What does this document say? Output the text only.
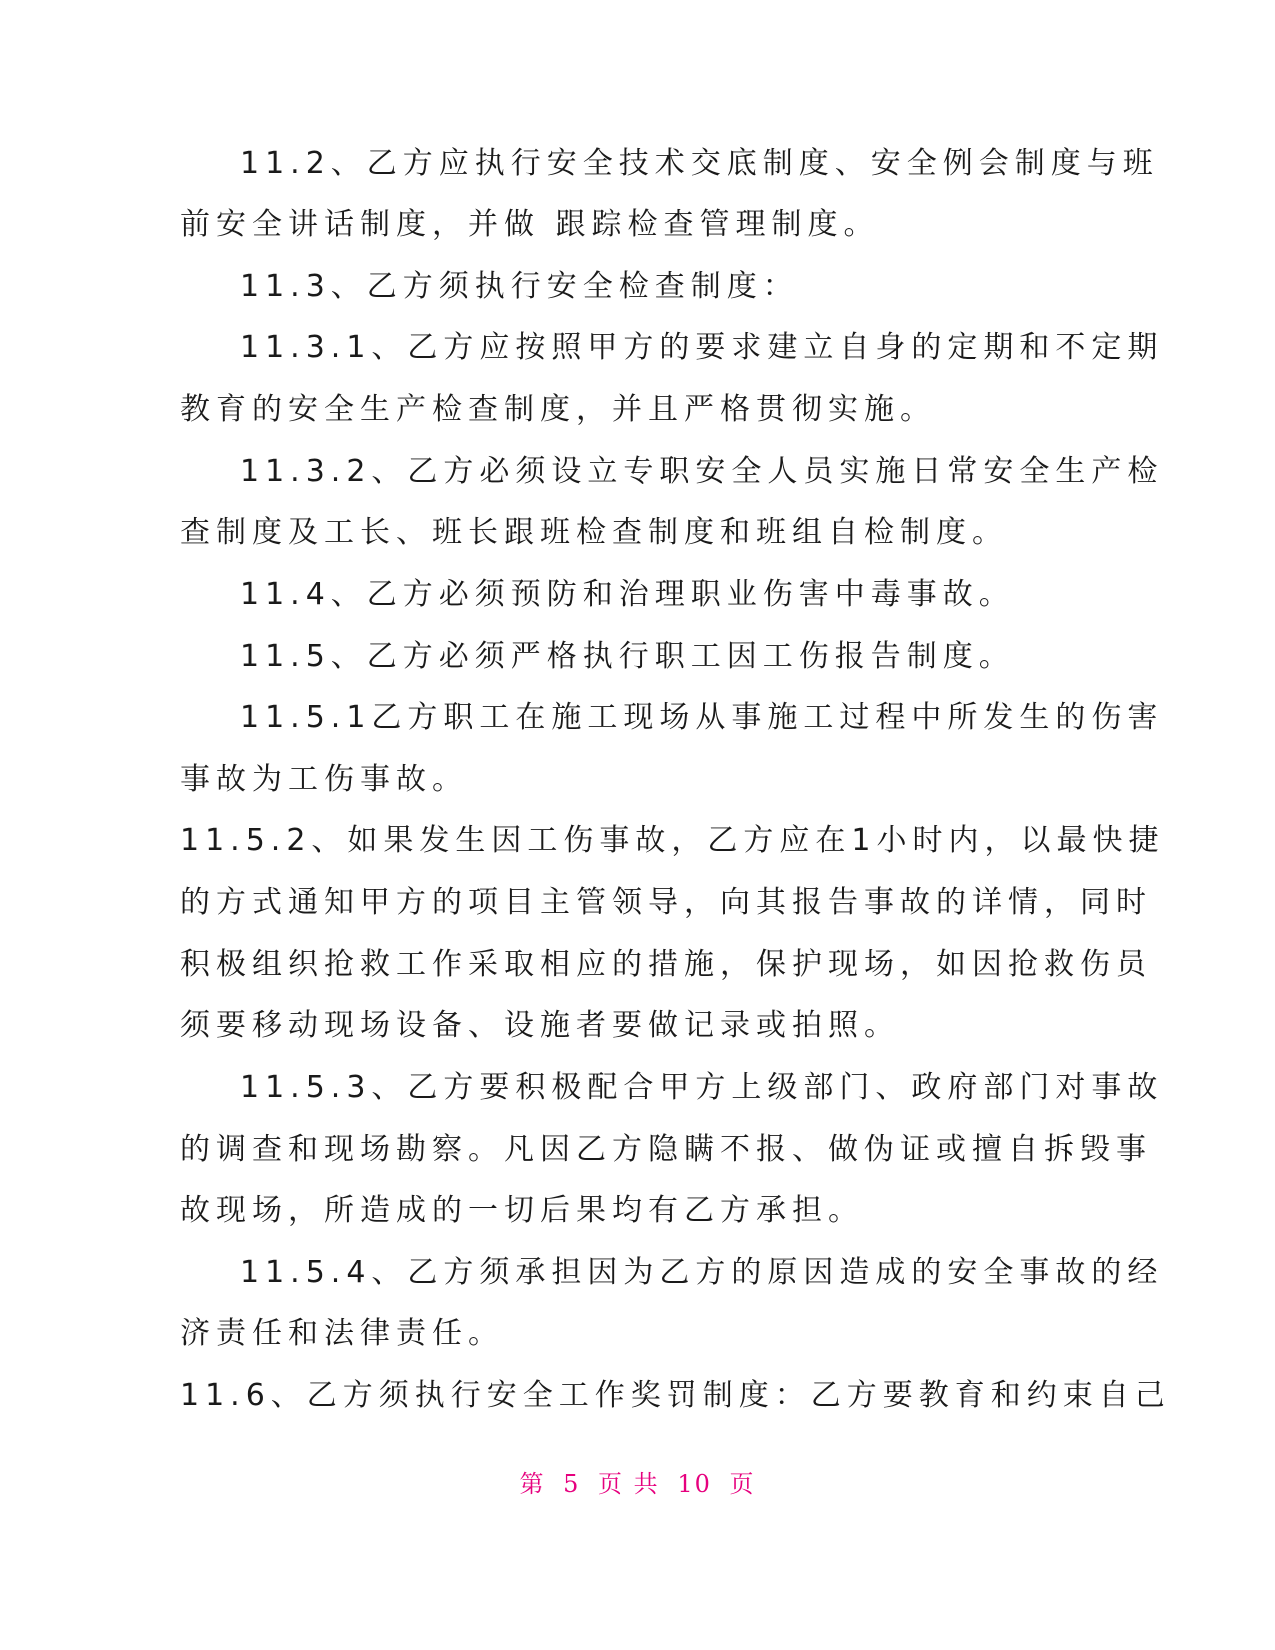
11.2、乙方应执行安全技术交底制度、安全例会制度与班
前安全讲话制度，并做 跟踪检查管理制度。
11.3、乙方须执行安全检查制度：
11.3.1、乙方应按照甲方的要求建立自身的定期和不定期
教育的安全生产检查制度，并且严格贯彻实施。
11.3.2、乙方必须设立专职安全人员实施日常安全生产检
查制度及工长、班长跟班检查制度和班组自检制度。
11.4、乙方必须预防和治理职业伤害中毒事故。
11.5、乙方必须严格执行职工因工伤报告制度。
11.5.1乙方职工在施工现场从事施工过程中所发生的伤害
事故为工伤事故。
11.5.2、如果发生因工伤事故，乙方应在1小时内，以最快捷
的方式通知甲方的项目主管领导，向其报告事故的详情，同时
积极组织抢救工作采取相应的措施，保护现场，如因抢救伤员
须要移动现场设备、设施者要做记录或拍照。
11.5.3、乙方要积极配合甲方上级部门、政府部门对事故
的调查和现场勘察。凡因乙方隐瞒不报、做伪证或擅自拆毁事
故现场，所造成的一切后果均有乙方承担。
11.5.4、乙方须承担因为乙方的原因造成的安全事故的经
济责任和法律责任。
11.6、乙方须执行安全工作奖罚制度：乙方要教育和约束自己
第 5 页 共 10 页
